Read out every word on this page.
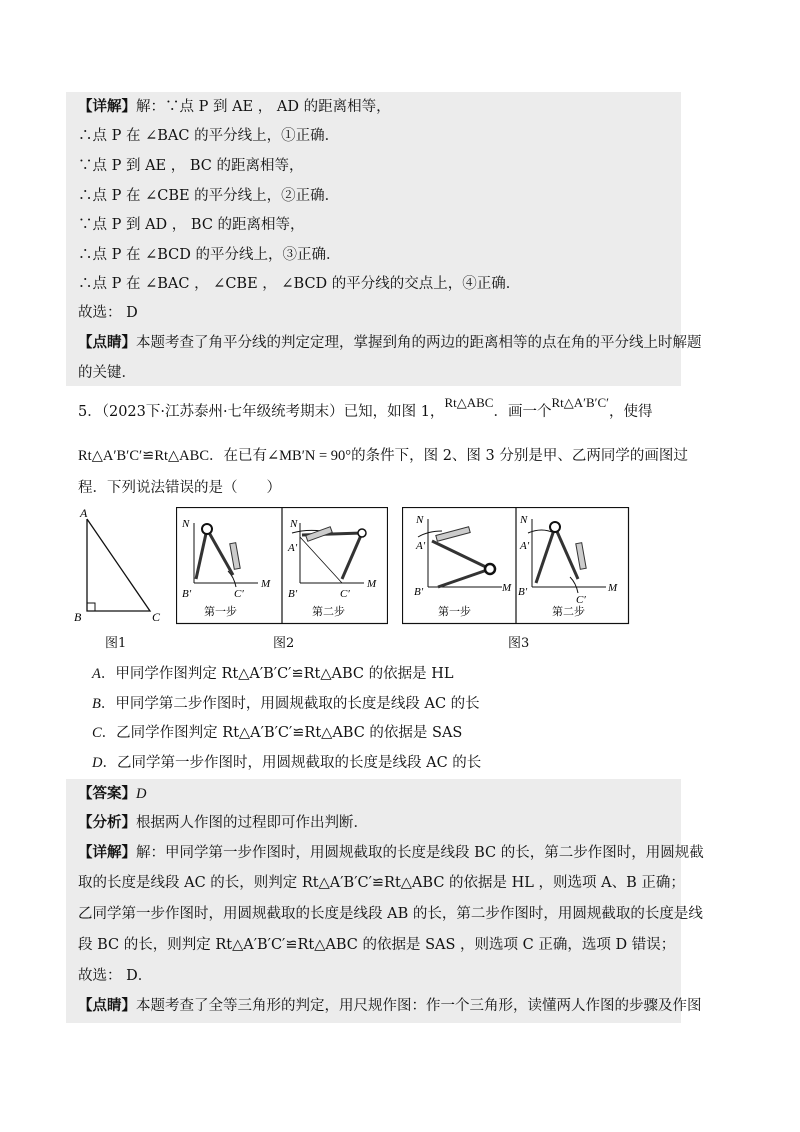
【详解】解：∵点 P 到 AE ， AD 的距离相等，
∴点 P 在 ∠BAC 的平分线上，①正确．
∵点 P 到 AE ， BC 的距离相等，
∴点 P 在 ∠CBE 的平分线上，②正确．
∵点 P 到 AD ， BC 的距离相等，
∴点 P 在 ∠BCD 的平分线上，③正确．
∴点 P 在 ∠BAC ， ∠CBE ， ∠BCD 的平分线的交点上，④正确．
故选： D
【点睛】本题考查了角平分线的判定定理，掌握到角的两边的距离相等的点在角的平分线上时解题
的关键．
5．（2023下·江苏泰州·七年级统考期末）已知，如图 1，Rt△ABC．画一个Rt△A′B′C′，使得
Rt△A′B′C′≌Rt△ABC．在已有∠MB′N = 90°的条件下，图 2、图 3 分别是甲、乙两同学的画图过
程．下列说法错误的是（　　）
A
B	C
图1
N
B′	C′
M
第一步
N
A′
B′	C′
M
第二步
图2
N
A′
B′	M
第一步
N
A′
B′
C′
M
第二步
图3
A．甲同学作图判定 Rt△A′B′C′≌Rt△ABC 的依据是 HL
B．甲同学第二步作图时，用圆规截取的长度是线段 AC 的长
C．乙同学作图判定 Rt△A′B′C′≌Rt△ABC 的依据是 SAS
D．乙同学第一步作图时，用圆规截取的长度是线段 AC 的长
【答案】D
【分析】根据两人作图的过程即可作出判断．
【详解】解：甲同学第一步作图时，用圆规截取的长度是线段 BC 的长，第二步作图时，用圆规截
取的长度是线段 AC 的长，则判定 Rt△A′B′C′≌Rt△ABC 的依据是 HL ，则选项 A、B 正确；
乙同学第一步作图时，用圆规截取的长度是线段 AB 的长，第二步作图时，用圆规截取的长度是线
段 BC 的长，则判定 Rt△A′B′C′≌Rt△ABC 的依据是 SAS ，则选项 C 正确，选项 D 错误；
故选： D．
【点睛】本题考查了全等三角形的判定，用尺规作图：作一个三角形，读懂两人作图的步骤及作图
